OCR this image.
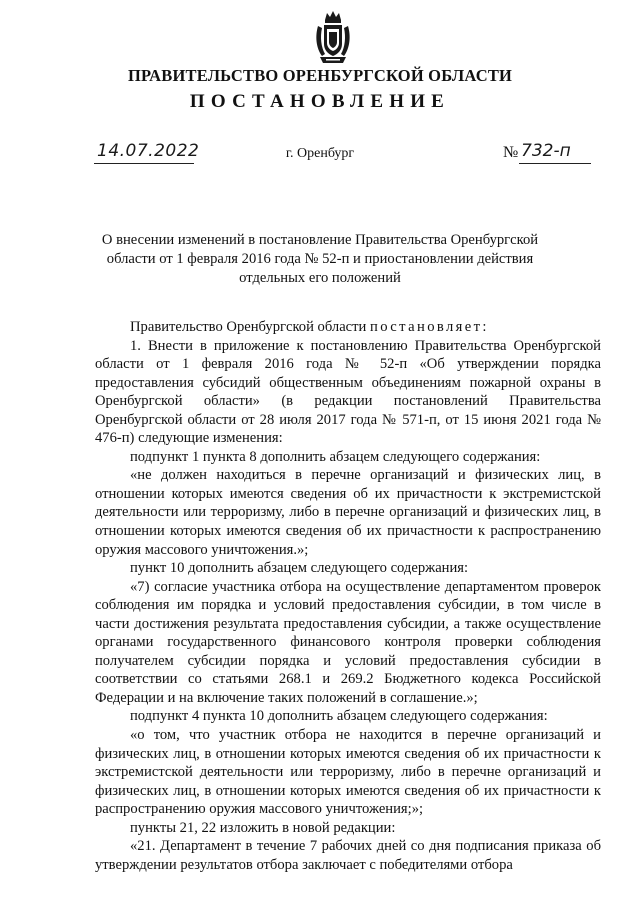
ПРАВИТЕЛЬСТВО ОРЕНБУРГСКОЙ ОБЛАСТИ
ПОСТАНОВЛЕНИЕ
14.07.2022	г. Оренбург	№ 732-п
О внесении изменений в постановление Правительства Оренбургской
области от 1 февраля 2016 года № 52-п и приостановлении действия
отдельных его положений

Правительство Оренбургской области постановляет:

1. Внести в приложение к постановлению Правительства Оренбургской области от 1 февраля 2016 года № 52-п «Об утверждении порядка предоставления субсидий общественным объединениям пожарной охраны в Оренбургской области» (в редакции постановлений Правительства Оренбургской области от 28 июля 2017 года № 571-п, от 15 июня 2021 года № 476-п) следующие изменения:

подпункт 1 пункта 8 дополнить абзацем следующего содержания:

«не должен находиться в перечне организаций и физических лиц, в отношении которых имеются сведения об их причастности к экстремистской деятельности или терроризму, либо в перечне организаций и физических лиц, в отношении которых имеются сведения об их причастности к распространению оружия массового уничтожения.»;

пункт 10 дополнить абзацем следующего содержания:

«7) согласие участника отбора на осуществление департаментом проверок соблюдения им порядка и условий предоставления субсидии, в том числе в части достижения результата предоставления субсидии, а также осуществление органами государственного финансового контроля проверки соблюдения получателем субсидии порядка и условий предоставления субсидии в соответствии со статьями 268.1 и 269.2 Бюджетного кодекса Российской Федерации и на включение таких положений в соглашение.»;

подпункт 4 пункта 10 дополнить абзацем следующего содержания:

«о том, что участник отбора не находится в перечне организаций и физических лиц, в отношении которых имеются сведения об их причастности к экстремистской деятельности или терроризму, либо в перечне организаций и физических лиц, в отношении которых имеются сведения об их причастности к распространению оружия массового уничтожения;»;

пункты 21, 22 изложить в новой редакции:

«21. Департамент в течение 7 рабочих дней со дня подписания приказа об утверждении результатов отбора заключает с победителями отбора
